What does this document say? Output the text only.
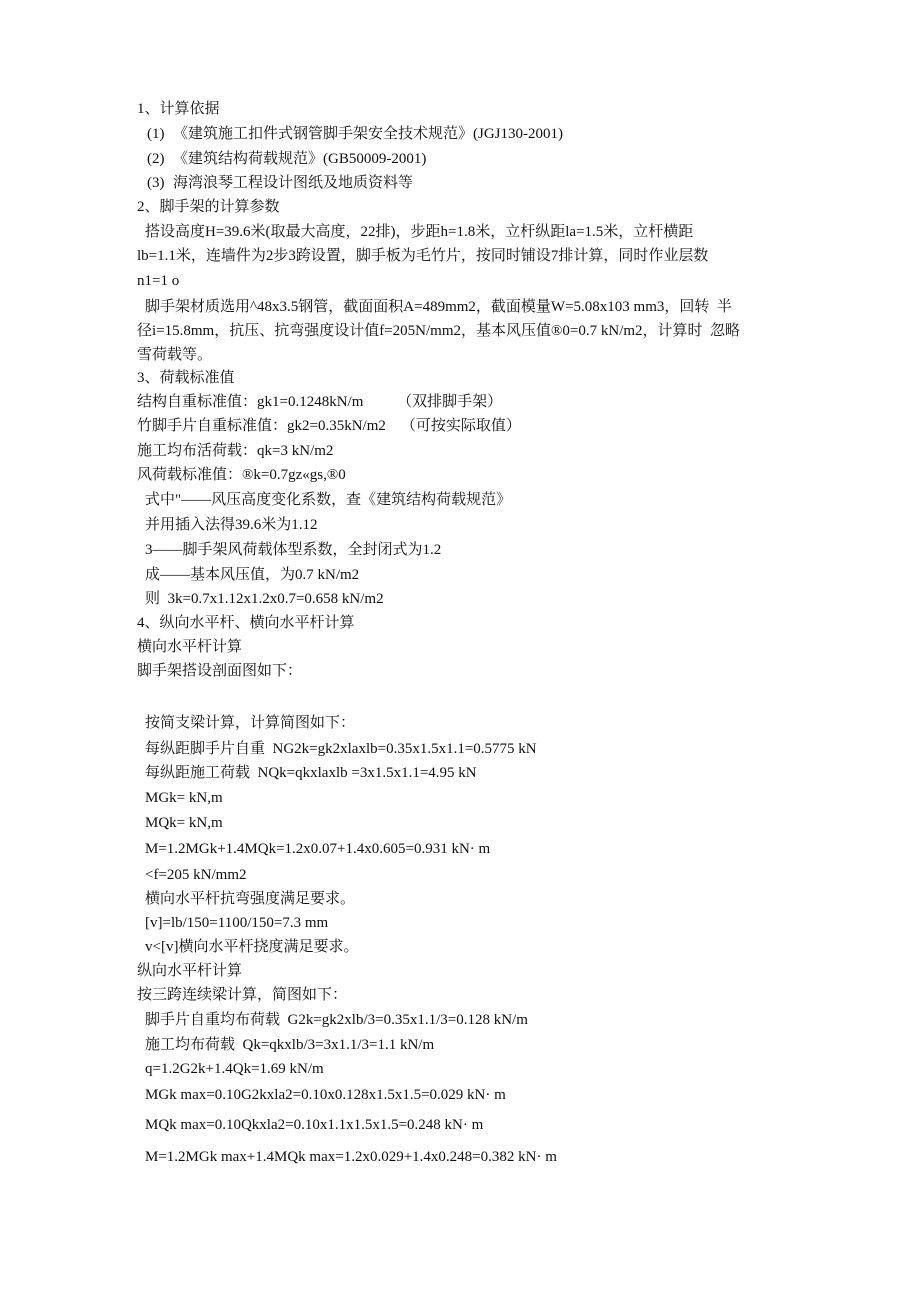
1、计算依据
(1) 《建筑施工扣件式钢管脚手架安全技术规范》(JGJ130-2001)
(2) 《建筑结构荷载规范》(GB50009-2001)
(3) 海湾浪琴工程设计图纸及地质资料等
2、脚手架的计算参数
搭设高度H=39.6米(取最大高度，22排)，步距h=1.8米，立杆纵距la=1.5米，立杆横距
lb=1.1米，连墙件为2步3跨设置，脚手板为毛竹片，按同时铺设7排计算，同时作业层数
n1=1 o
脚手架材质选用^48x3.5钢管，截面面积A=489mm2，截面模量W=5.08x103 mm3，回转  半
径i=15.8mm，抗压、抗弯强度设计值f=205N/mm2，基本风压值®0=0.7 kN/m2，计算时  忽略
雪荷载等。
3、荷载标准值
结构自重标准值：gk1=0.1248kN/m         （双排脚手架）
竹脚手片自重标准值：gk2=0.35kN/m2    （可按实际取值）
施工均布活荷载：qk=3 kN/m2
风荷载标准值：®k=0.7gz«gs,®0
式中"——风压高度变化系数，查《建筑结构荷载规范》
并用插入法得39.6米为1.12
3——脚手架风荷载体型系数，全封闭式为1.2
成——基本风压值，为0.7 kN/m2
则  3k=0.7x1.12x1.2x0.7=0.658 kN/m2
4、纵向水平杆、横向水平杆计算
横向水平杆计算
脚手架搭设剖面图如下：
按简支梁计算，计算简图如下：
每纵距脚手片自重  NG2k=gk2xlaxlb=0.35x1.5x1.1=0.5775 kN
每纵距施工荷载  NQk=qkxlaxlb =3x1.5x1.1=4.95 kN
MGk= kN,m
MQk= kN,m
M=1.2MGk+1.4MQk=1.2x0.07+1.4x0.605=0.931 kN· m
<f=205 kN/mm2
横向水平杆抗弯强度满足要求。
[v]=lb/150=1100/150=7.3 mm
v<[v]横向水平杆挠度满足要求。
纵向水平杆计算
按三跨连续梁计算，简图如下：
脚手片自重均布荷载  G2k=gk2xlb/3=0.35x1.1/3=0.128 kN/m
施工均布荷载  Qk=qkxlb/3=3x1.1/3=1.1 kN/m
q=1.2G2k+1.4Qk=1.69 kN/m
MGk max=0.10G2kxla2=0.10x0.128x1.5x1.5=0.029 kN· m
MQk max=0.10Qkxla2=0.10x1.1x1.5x1.5=0.248 kN· m
M=1.2MGk max+1.4MQk max=1.2x0.029+1.4x0.248=0.382 kN· m
